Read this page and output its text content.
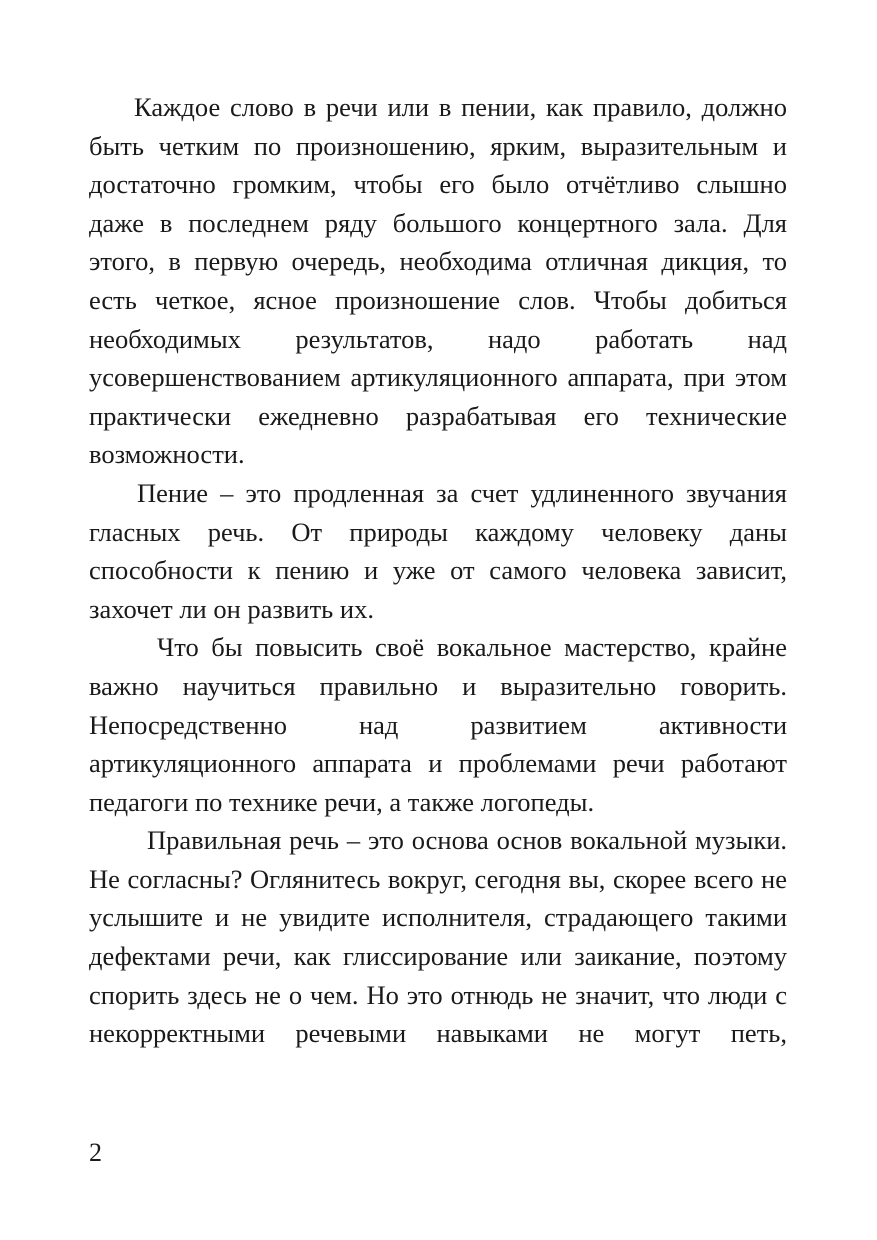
Каждое слово в речи или в пении, как правило, должно быть четким по произношению, ярким, выразительным и достаточно громким, чтобы его было отчётливо слышно даже в последнем ряду большого концертного зала. Для этого, в первую очередь, необходима отличная дикция, то есть четкое, ясное произношение слов. Чтобы добиться необходимых результатов, надо работать над усовершенствованием артикуляционного аппарата, при этом практически ежедневно разрабатывая его технические возможности.

Пение – это продленная за счет удлиненного звучания гласных речь. От природы каждому человеку даны способности к пению и уже от самого человека зависит, захочет ли он развить их.

Что бы повысить своё вокальное мастерство, крайне важно научиться правильно и выразительно говорить. Непосредственно над развитием активности артикуляционного аппарата и проблемами речи работают педагоги по технике речи, а также логопеды.

Правильная речь – это основа основ вокальной музыки. Не согласны? Оглянитесь вокруг, сегодня вы, скорее всего не услышите и не увидите исполнителя, страдающего такими дефектами речи, как глиссирование или заикание, поэтому спорить здесь не о чем. Но это отнюдь не значит, что люди с некорректными речевыми навыками не могут петь,

2
